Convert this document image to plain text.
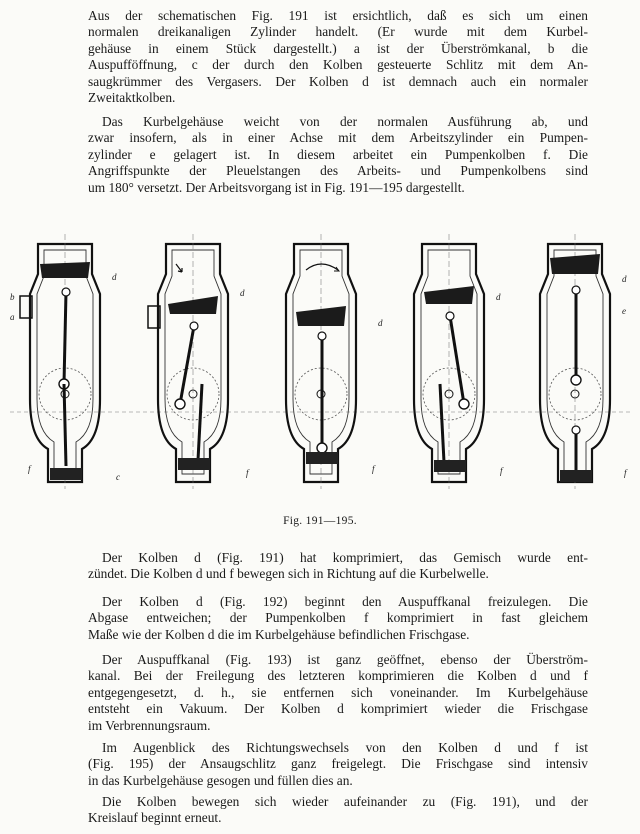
Aus der schematischen Fig. 191 ist ersichtlich, daß es sich um einen
normalen dreikanaligen Zylinder handelt. (Er wurde mit dem Kurbel-
gehäuse in einem Stück dargestellt.) a ist der Überströmkanal, b die
Auspufföffnung, c der durch den Kolben gesteuerte Schlitz mit dem An-
saugkrümmer des Vergasers. Der Kolben d ist demnach auch ein normaler
Zweitaktkolben.

Das Kurbelgehäuse weicht von der normalen Ausführung ab, und
zwar insofern, als in einer Achse mit dem Arbeitszylinder ein Pumpen-
zylinder e gelagert ist. In diesem arbeitet ein Pumpenkolben f. Die
Angriffspunkte der Pleuelstangen des Arbeits- und Pumpenkolbens sind
um 180° versetzt. Der Arbeitsvorgang ist in Fig. 191—195 dargestellt.

b
a
d
f
c
d
f
d
f
d
f
d
e
f
Fig. 191—195.

Der Kolben d (Fig. 191) hat komprimiert, das Gemisch wurde ent-
zündet. Die Kolben d und f bewegen sich in Richtung auf die Kurbelwelle.

Der Kolben d (Fig. 192) beginnt den Auspuffkanal freizulegen. Die
Abgase entweichen; der Pumpenkolben f komprimiert in fast gleichem
Maße wie der Kolben d die im Kurbelgehäuse befindlichen Frischgase.

Der Auspuffkanal (Fig. 193) ist ganz geöffnet, ebenso der Überström-
kanal. Bei der Freilegung des letzteren komprimieren die Kolben d und f
entgegengesetzt, d. h., sie entfernen sich voneinander. Im Kurbelgehäuse
entsteht ein Vakuum. Der Kolben d komprimiert wieder die Frischgase
im Verbrennungsraum.

Im Augenblick des Richtungswechsels von den Kolben d und f ist
(Fig. 195) der Ansaugschlitz ganz freigelegt. Die Frischgase sind intensiv
in das Kurbelgehäuse gesogen und füllen dies an.

Die Kolben bewegen sich wieder aufeinander zu (Fig. 191), und der
Kreislauf beginnt erneut.
